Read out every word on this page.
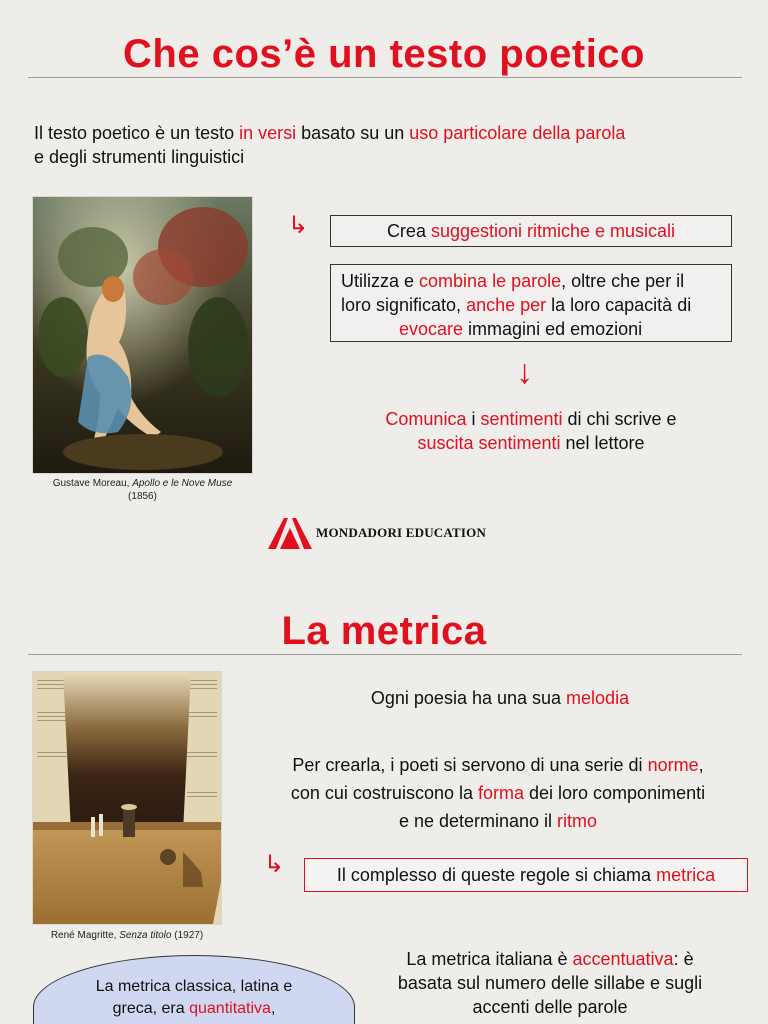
Che cos’è un testo poetico
Il testo poetico è un testo in versi basato su un uso particolare della parola
e degli strumenti linguistici
Gustave Moreau, Apollo e le Nove Muse
(1856)
↳	Crea suggestioni ritmiche e musicali
Utilizza e combina le parole, oltre che per il
loro significato, anche per la loro capacità di
evocare immagini ed emozioni
↓
Comunica i sentimenti di chi scrive e
suscita sentimenti nel lettore
MONDADORI EDUCATION
La metrica
René Magritte, Senza titolo (1927)
Ogni poesia ha una sua melodia
Per crearla, i poeti si servono di una serie di norme,
con cui costruiscono la forma dei loro componimenti
e ne determinano il ritmo
↳	Il complesso di queste regole si chiama metrica
La metrica italiana è accentuativa: è
basata sul numero delle sillabe e sugli
accenti delle parole
La metrica classica, latina e
greca, era quantitativa,
